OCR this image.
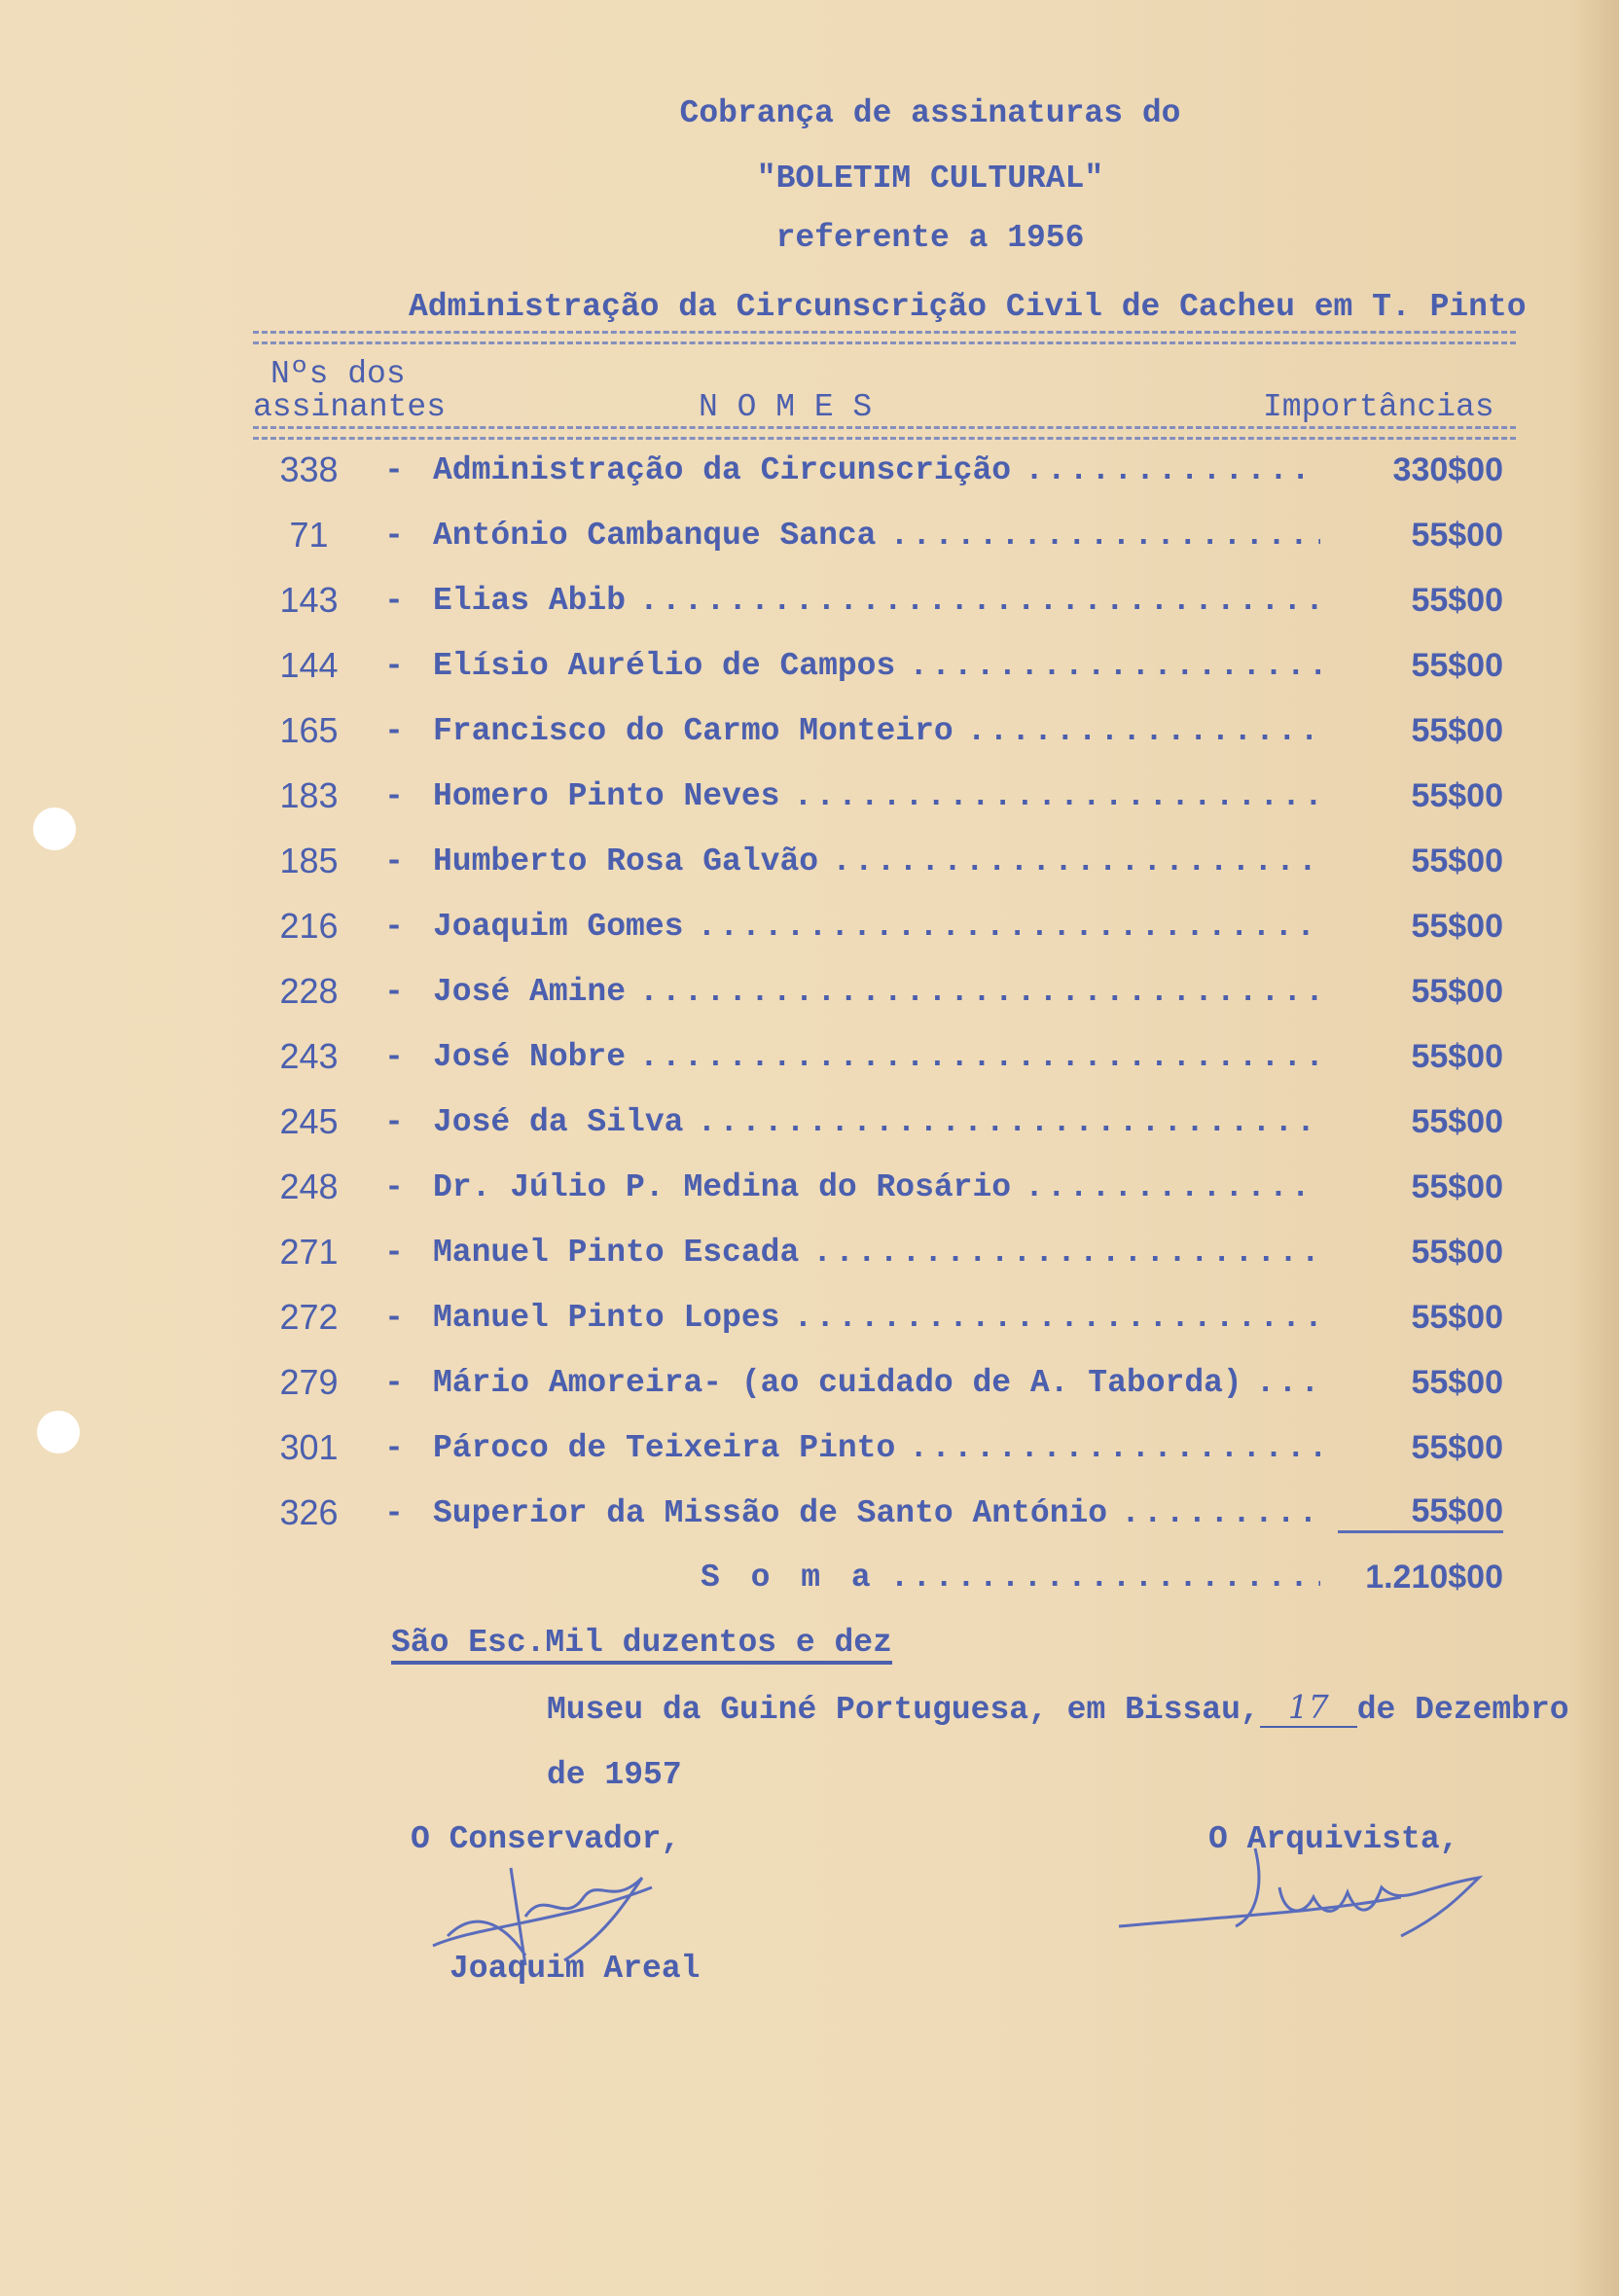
Cobrança de assinaturas do
"BOLETIM CULTURAL"
referente a 1956
Administração da Circunscrição Civil de Cacheu em T. Pinto
Nºs dos
assinantes	N O M E S	Importâncias
338	- Administração da Circunscrição .....	330$00
71	- António Cambanque Sanca .....	55$00
143	- Elias Abib .....	55$00
144	- Elísio Aurélio de Campos .....	55$00
165	- Francisco do Carmo Monteiro .....	55$00
183	- Homero Pinto Neves .....	55$00
185	- Humberto Rosa Galvão .....	55$00
216	- Joaquim Gomes .....	55$00
228	- José Amine .....	55$00
243	- José Nobre .....	55$00
245	- José da Silva .....	55$00
248	- Dr. Júlio P. Medina do Rosário .....	55$00
271	- Manuel Pinto Escada .....	55$00
272	- Manuel Pinto Lopes .....	55$00
279	- Mário Amoreira- (ao cuidado de A. Taborda) .....	55$00
301	- Pároco de Teixeira Pinto .....	55$00
326	- Superior da Missão de Santo António .....	55$00
S o m a .....	1.210$00
São Esc.Mil duzentos e dez
Museu da Guiné Portuguesa, em Bissau, 17 de Dezembro
de 1957
O Conservador,
Joaquim Areal
O Arquivista,
